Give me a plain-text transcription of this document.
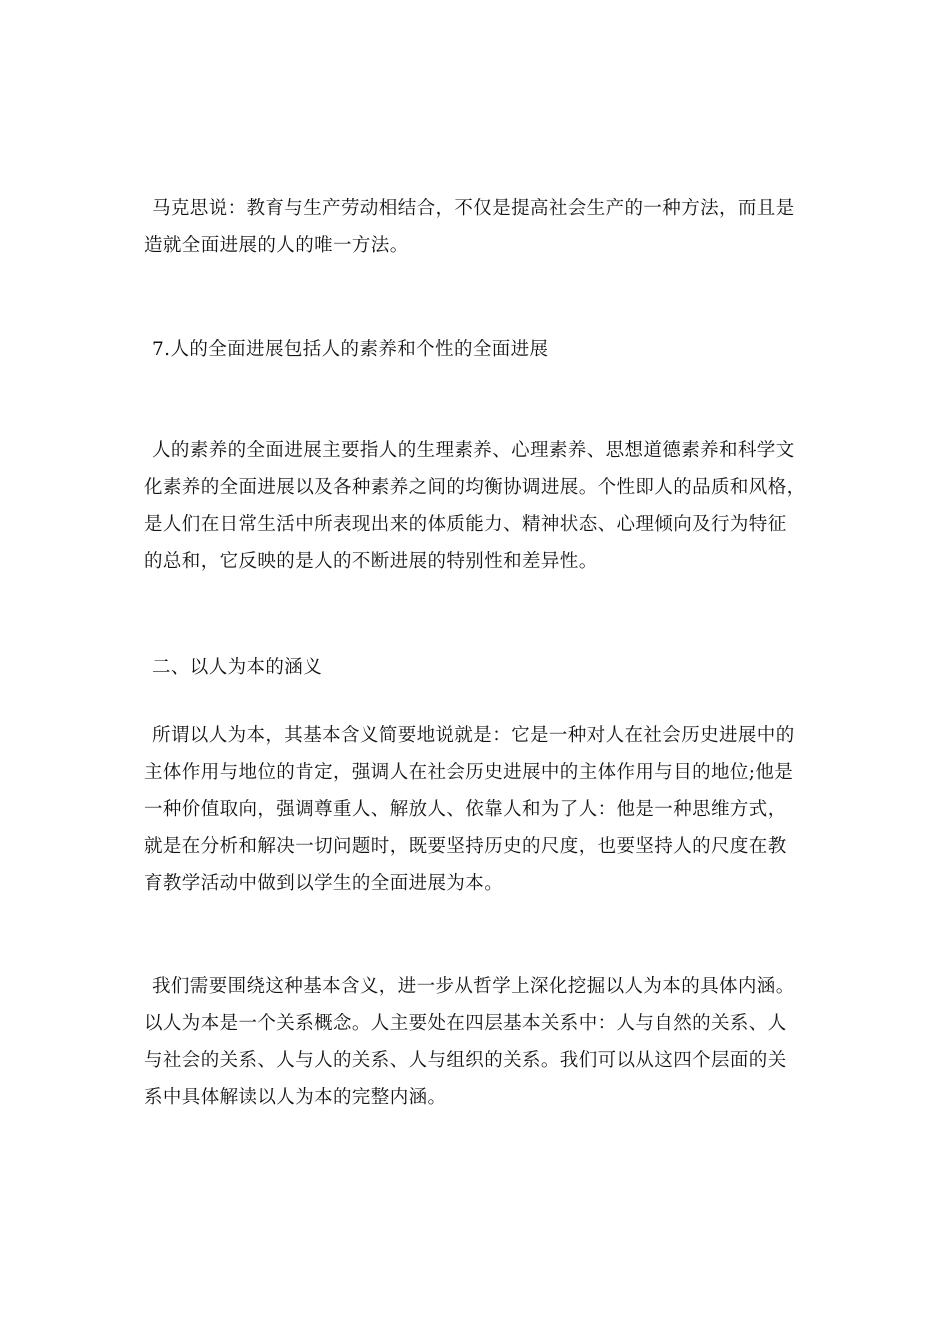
马克思说：教育与生产劳动相结合，不仅是提高社会生产的一种方法，而且是
造就全面进展的人的唯一方法。

7.人的全面进展包括人的素养和个性的全面进展

人的素养的全面进展主要指人的生理素养、心理素养、思想道德素养和科学文
化素养的全面进展以及各种素养之间的均衡协调进展。个性即人的品质和风格，
是人们在日常生活中所表现出来的体质能力、精神状态、心理倾向及行为特征
的总和，它反映的是人的不断进展的特别性和差异性。

二、以人为本的涵义

所谓以人为本，其基本含义简要地说就是：它是一种对人在社会历史进展中的
主体作用与地位的肯定，强调人在社会历史进展中的主体作用与目的地位;他是
一种价值取向，强调尊重人、解放人、依靠人和为了人：他是一种思维方式，
就是在分析和解决一切问题时，既要坚持历史的尺度，也要坚持人的尺度在教
育教学活动中做到以学生的全面进展为本。

我们需要围绕这种基本含义，进一步从哲学上深化挖掘以人为本的具体内涵。
以人为本是一个关系概念。人主要处在四层基本关系中：人与自然的关系、人
与社会的关系、人与人的关系、人与组织的关系。我们可以从这四个层面的关
系中具体解读以人为本的完整内涵。
